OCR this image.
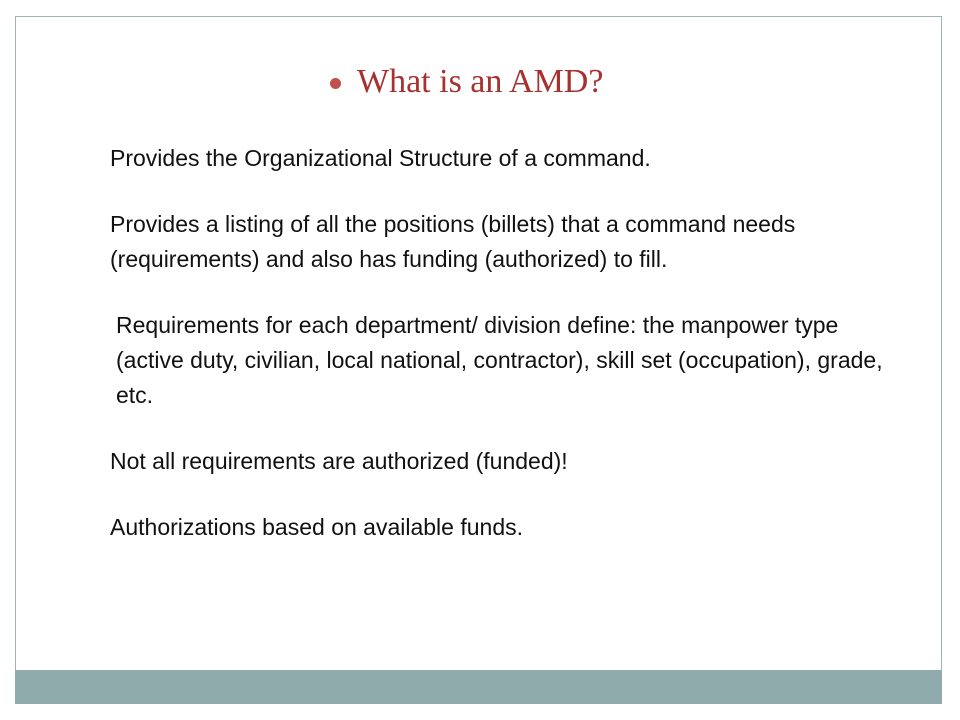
What is an AMD?

Provides the Organizational Structure of a command.

Provides a listing of all the positions (billets) that a command needs (requirements) and also has funding (authorized) to fill.

Requirements for each department/ division define: the manpower type (active duty, civilian, local national, contractor), skill set (occupation), grade, etc.

Not all requirements are authorized (funded)!

Authorizations based on available funds.
